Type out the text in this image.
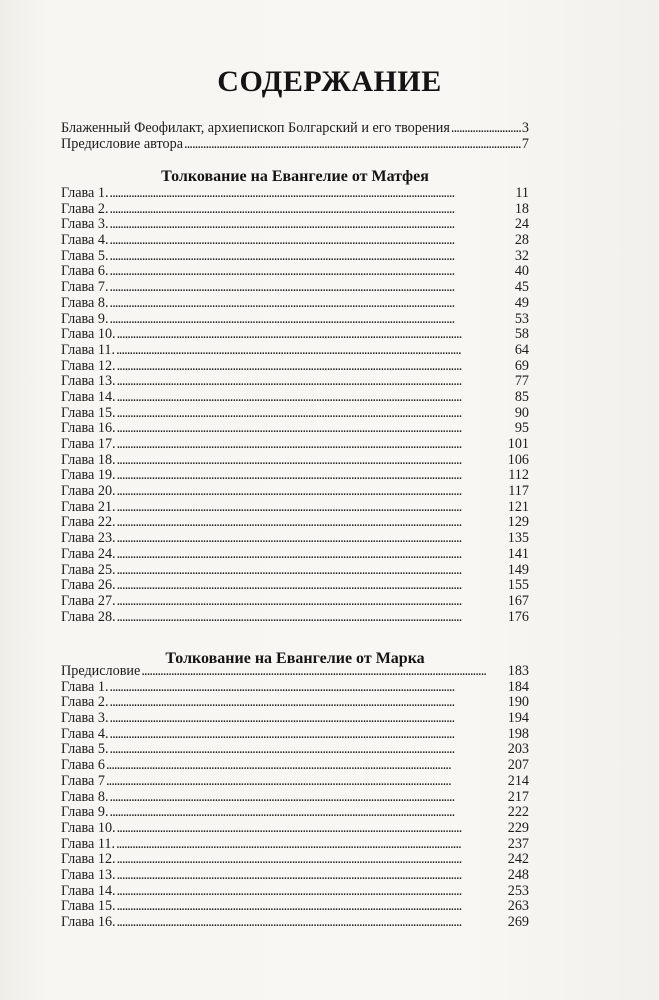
СОДЕРЖАНИЕ
Блаженный Феофилакт, архиепископ Болгарский и его творения . . .	3
Предисловие автора . . .	7
Толкование на Евангелие от Матфея
Глава 1. . . .	11
Глава 2. . . .	18
Глава 3. . . .	24
Глава 4. . . .	28
Глава 5. . . .	32
Глава 6. . . .	40
Глава 7. . . .	45
Глава 8. . . .	49
Глава 9. . . .	53
Глава 10. . . .	58
Глава 11. . . .	64
Глава 12. . . .	69
Глава 13. . . .	77
Глава 14. . . .	85
Глава 15. . . .	90
Глава 16. . . .	95
Глава 17. . . .	101
Глава 18. . . .	106
Глава 19. . . .	112
Глава 20. . . .	117
Глава 21. . . .	121
Глава 22. . . .	129
Глава 23. . . .	135
Глава 24. . . .	141
Глава 25. . . .	149
Глава 26. . . .	155
Глава 27. . . .	167
Глава 28. . . .	176
Толкование на Евангелие от Марка
Предисловие . . .	183
Глава 1. . . .	184
Глава 2. . . .	190
Глава 3. . . .	194
Глава 4. . . .	198
Глава 5. . . .	203
Глава 6 . . .	207
Глава 7 . . .	214
Глава 8. . . .	217
Глава 9. . . .	222
Глава 10. . . .	229
Глава 11. . . .	237
Глава 12. . . .	242
Глава 13. . . .	248
Глава 14. . . .	253
Глава 15. . . .	263
Глава 16. . . .	269
